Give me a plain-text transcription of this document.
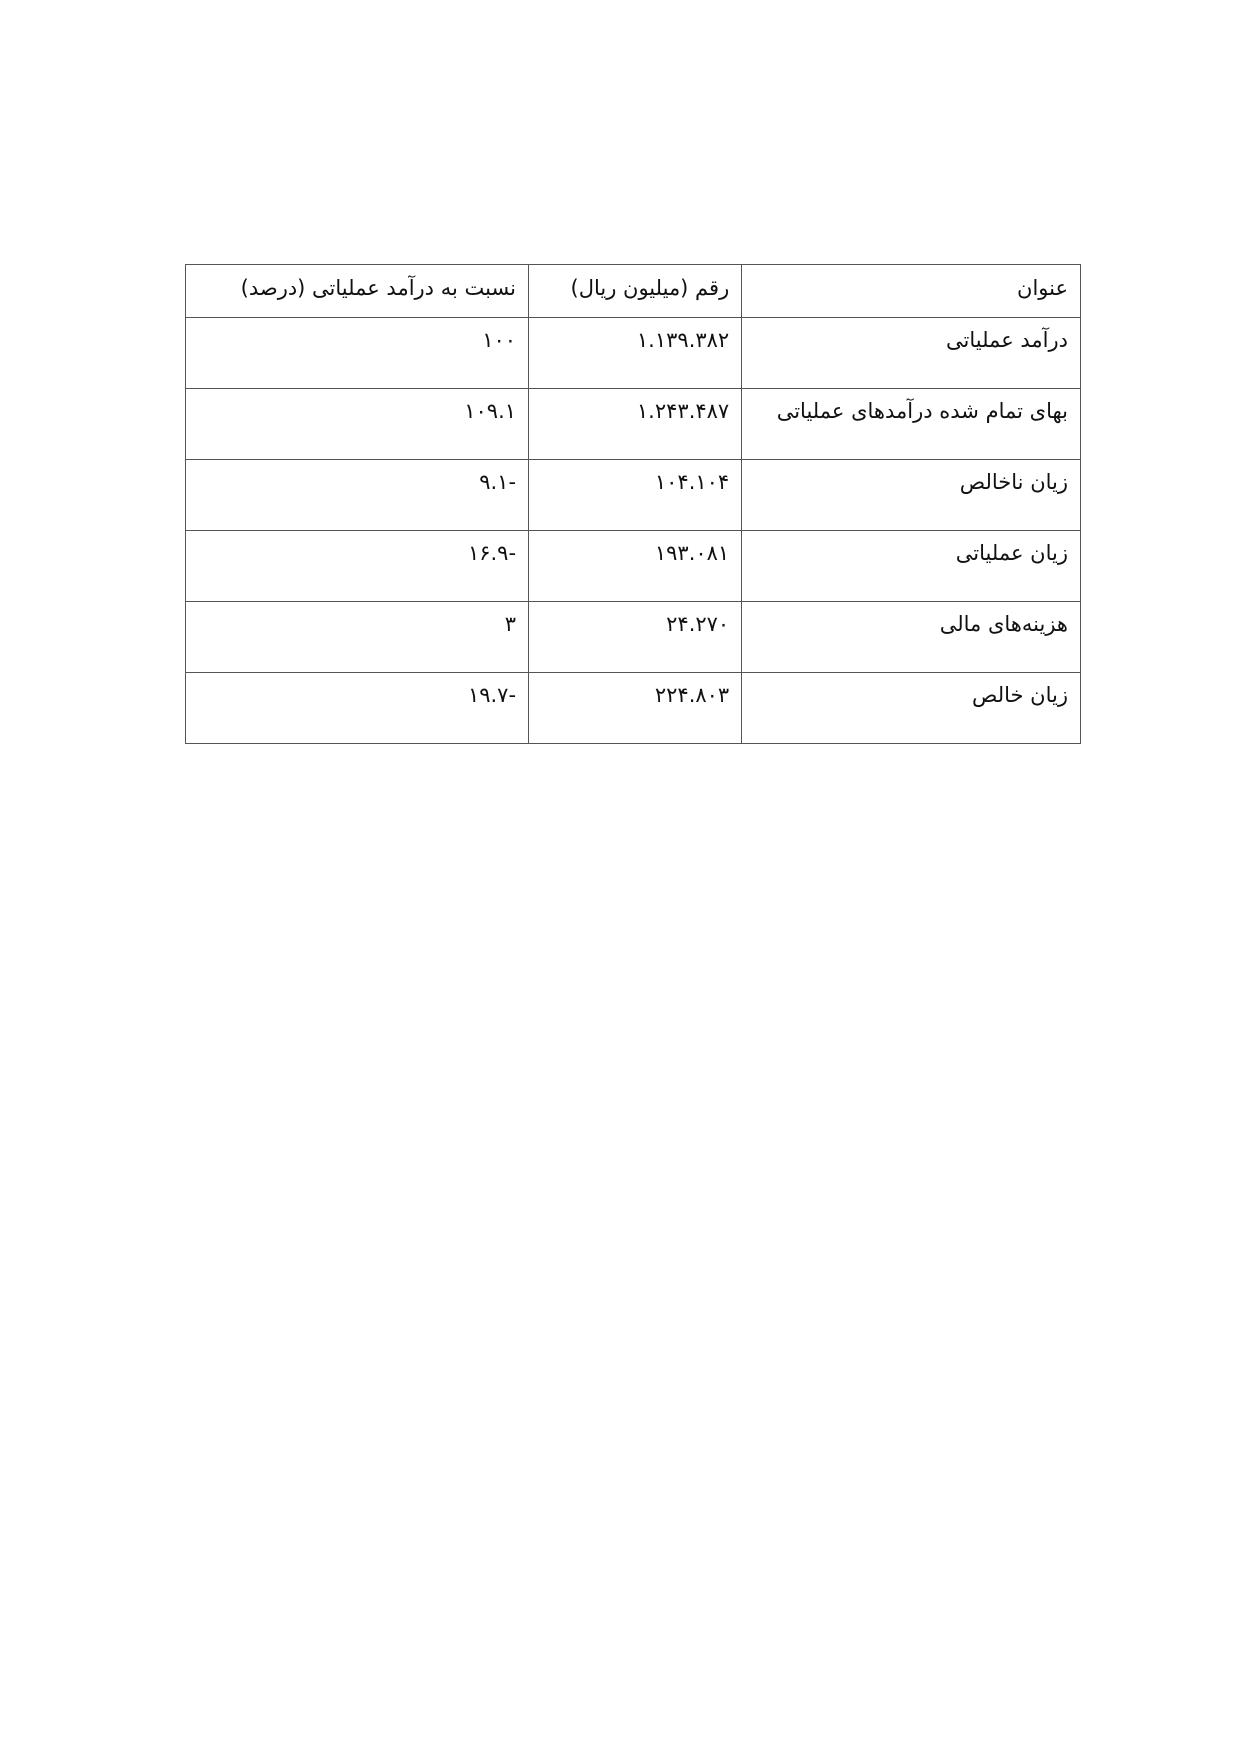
عنوان	رقم (میلیون ریال)	نسبت به درآمد عملیاتی (درصد)
درآمد عملیاتی	۱.۱۳۹.۳۸۲	۱۰۰
بهای تمام شده درآمدهای عملیاتی	۱.۲۴۳.۴۸۷	۱۰۹.۱
زیان ناخالص	۱۰۴.۱۰۴	-۹.۱
زیان عملیاتی	۱۹۳.۰۸۱	-۱۶.۹
هزینه‌های مالی	۲۴.۲۷۰	۳
زیان خالص	۲۲۴.۸۰۳	-۱۹.۷
